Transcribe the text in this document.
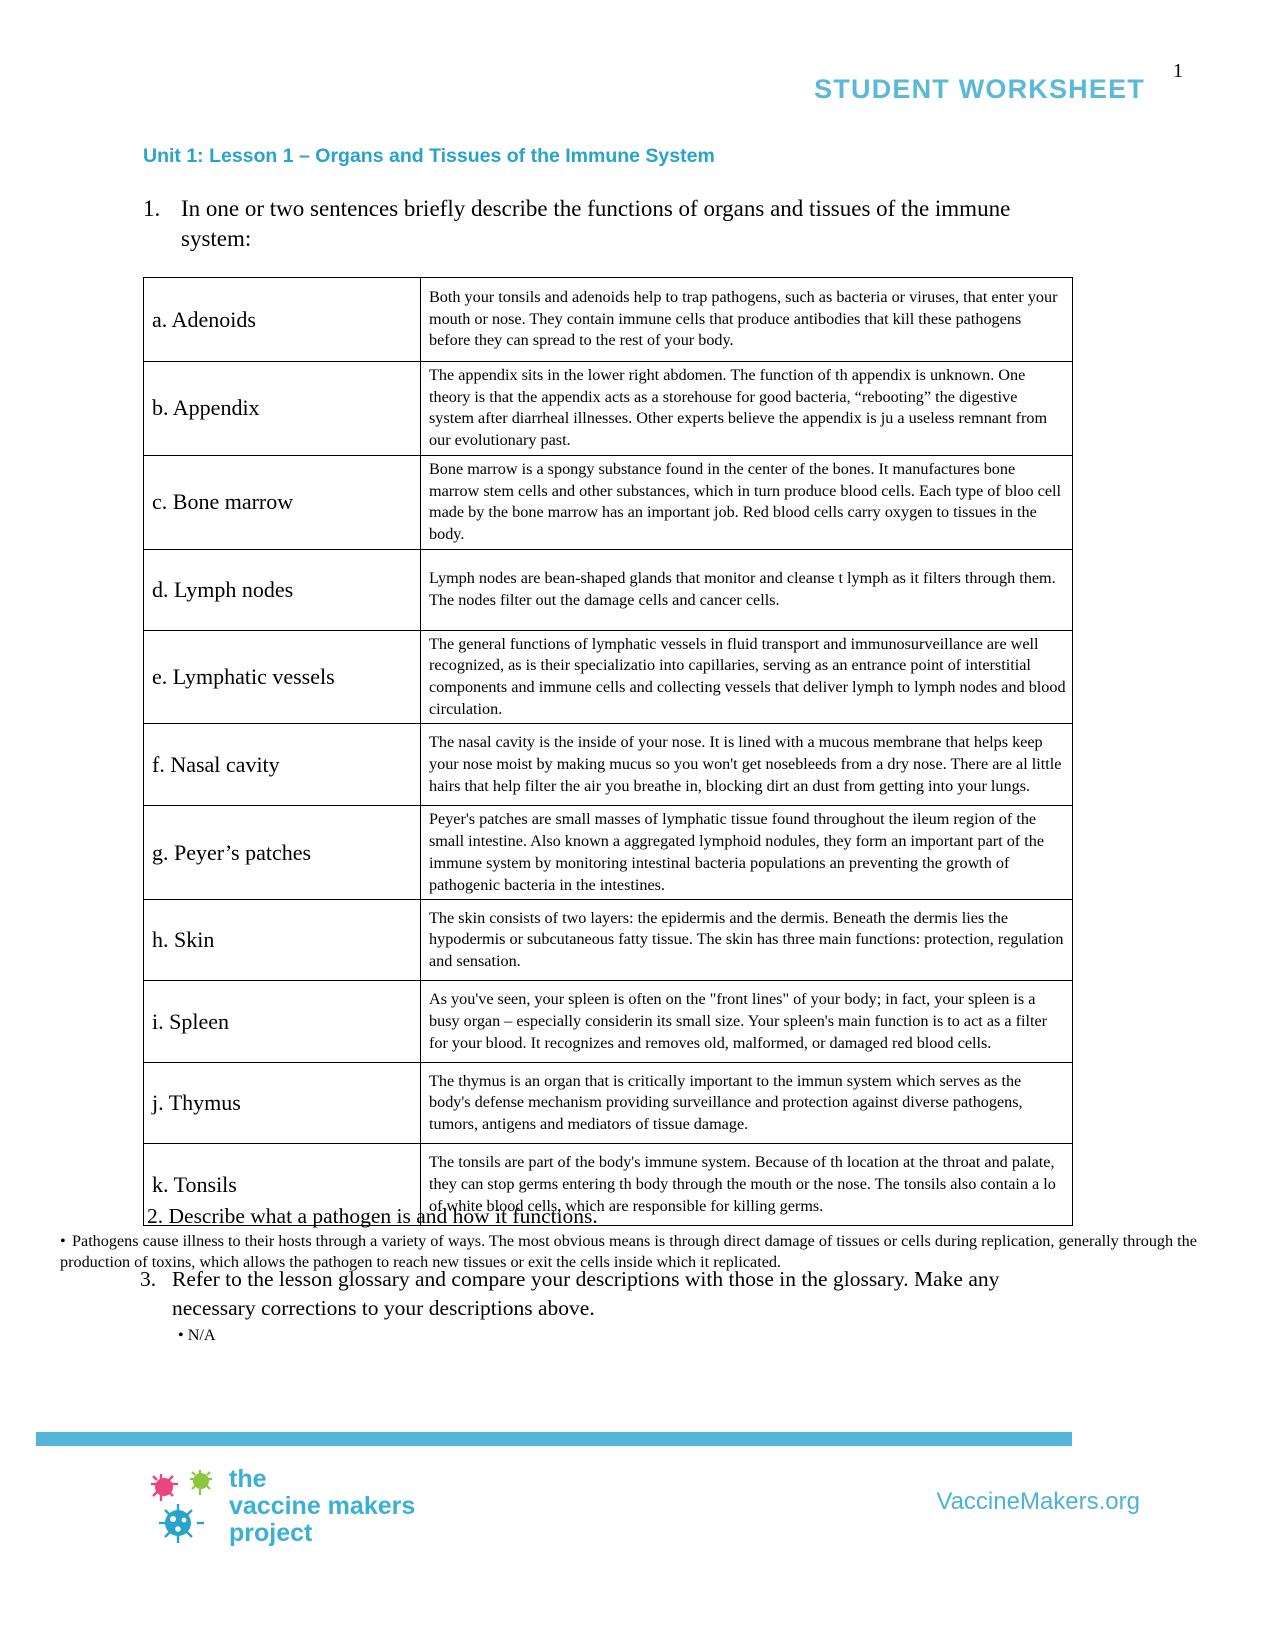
1
STUDENT WORKSHEET
Unit 1: Lesson 1 – Organs and Tissues of the Immune System
1. In one or two sentences briefly describe the functions of organs and tissues of the immune system:
a. Adenoids	Both your tonsils and adenoids help to trap pathogens, such as bacteria or viruses, that enter your mouth or nose. They contain immune cells that produce antibodies that kill these pathogens before they can spread to the rest of your body.
b. Appendix	The appendix sits in the lower right abdomen. The function of th appendix is unknown. One theory is that the appendix acts as a storehouse for good bacteria, “rebooting” the digestive system after diarrheal illnesses. Other experts believe the appendix is ju a useless remnant from our evolutionary past.
c. Bone marrow	Bone marrow is a spongy substance found in the center of the bones. It manufactures bone marrow stem cells and other substances, which in turn produce blood cells. Each type of bloo cell made by the bone marrow has an important job. Red blood cells carry oxygen to tissues in the body.
d. Lymph nodes	Lymph nodes are bean-shaped glands that monitor and cleanse t lymph as it filters through them. The nodes filter out the damage cells and cancer cells.
e. Lymphatic vessels	The general functions of lymphatic vessels in fluid transport and immunosurveillance are well recognized, as is their specializatio into capillaries, serving as an entrance point of interstitial components and immune cells and collecting vessels that deliver lymph to lymph nodes and blood circulation.
f. Nasal cavity	The nasal cavity is the inside of your nose. It is lined with a mucous membrane that helps keep your nose moist by making mucus so you won't get nosebleeds from a dry nose. There are al little hairs that help filter the air you breathe in, blocking dirt an dust from getting into your lungs.
g. Peyer’s patches	Peyer's patches are small masses of lymphatic tissue found throughout the ileum region of the small intestine. Also known a aggregated lymphoid nodules, they form an important part of the immune system by monitoring intestinal bacteria populations an preventing the growth of pathogenic bacteria in the intestines.
h. Skin	The skin consists of two layers: the epidermis and the dermis. Beneath the dermis lies the hypodermis or subcutaneous fatty tissue. The skin has three main functions: protection, regulation and sensation.
i. Spleen	As you've seen, your spleen is often on the "front lines" of your body; in fact, your spleen is a busy organ – especially considerin its small size. Your spleen's main function is to act as a filter for your blood. It recognizes and removes old, malformed, or damaged red blood cells.
j. Thymus	The thymus is an organ that is critically important to the immun system which serves as the body's defense mechanism providing surveillance and protection against diverse pathogens, tumors, antigens and mediators of tissue damage.
k. Tonsils	The tonsils are part of the body's immune system. Because of th location at the throat and palate, they can stop germs entering th body through the mouth or the nose. The tonsils also contain a lo of white blood cells, which are responsible for killing germs.
2. Describe what a pathogen is and how it functions.
• Pathogens cause illness to their hosts through a variety of ways. The most obvious means is through direct damage of tissues or cells during replication, generally through the production of toxins, which allows the pathogen to reach new tissues or exit the cells inside which it replicated.
3. Refer to the lesson glossary and compare your descriptions with those in the glossary. Make any necessary corrections to your descriptions above.
• N/A
the
vaccine makers
project
VaccineMakers.org
